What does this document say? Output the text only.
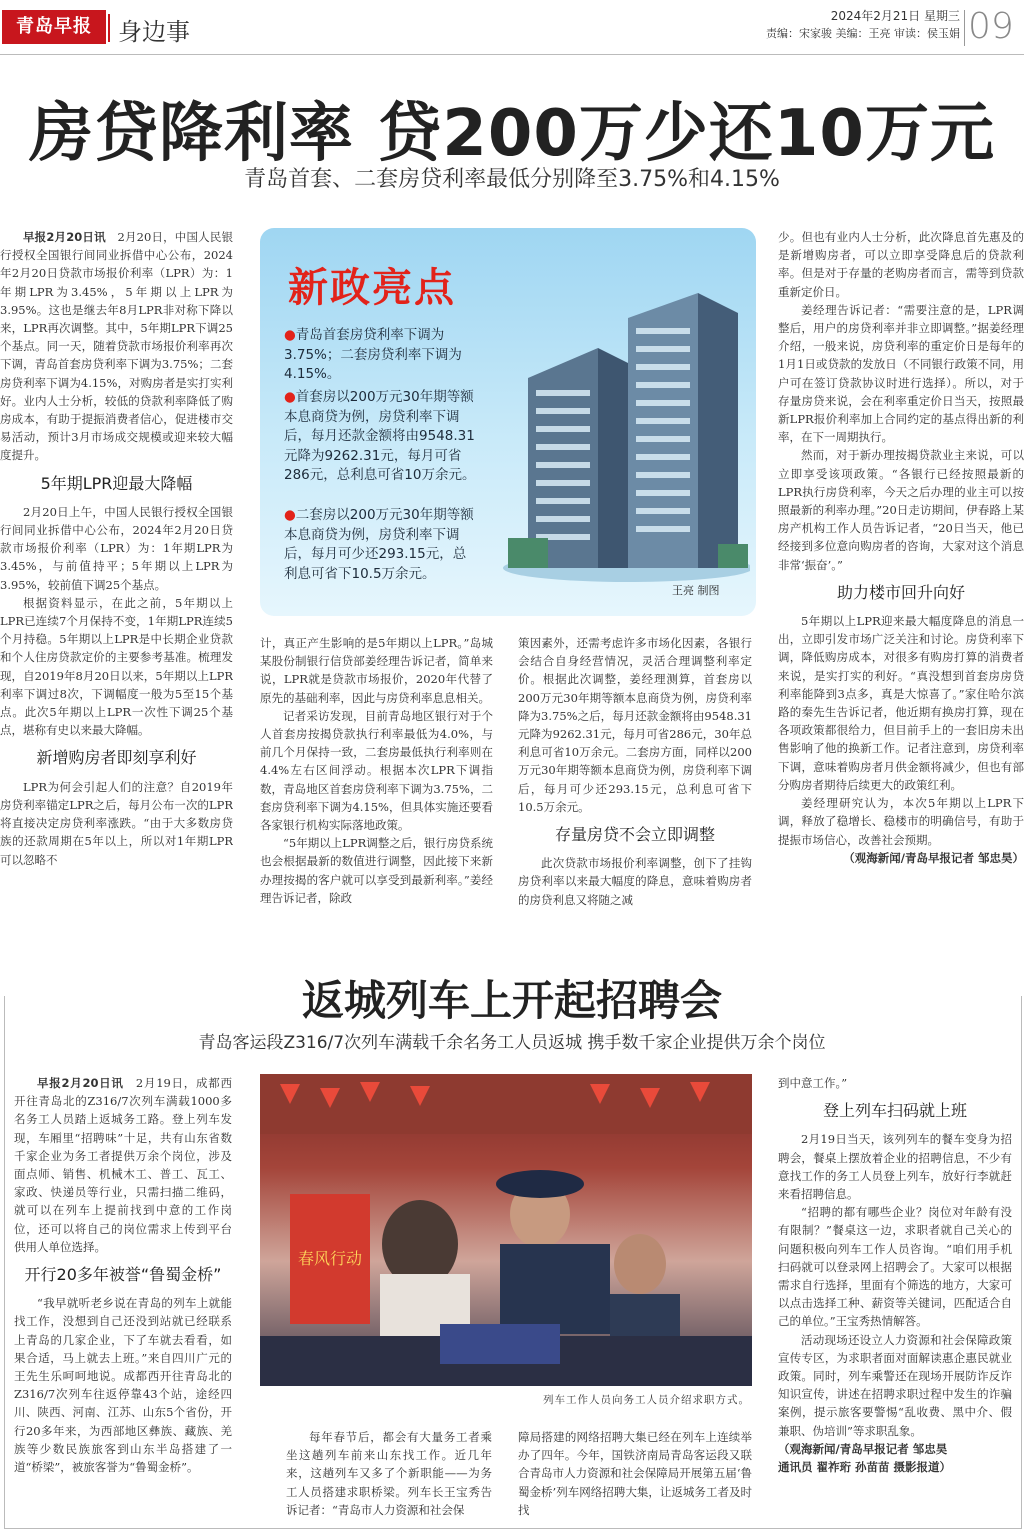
青岛早报	身边事
2024年2月21日 星期三
责编：宋家骏 美编：王亮 审读：侯玉娟 09
房贷降利率 贷200万少还10万元
青岛首套、二套房贷利率最低分别降至3.75%和4.15%

早报2月20日讯　 2月20日，中国人民银行授权全国银行间同业拆借中心公布，2024年2月20日贷款市场报价利率（LPR）为：1年期LPR为3.45%，5年期以上LPR为3.95%。这也是继去年8月LPR非对称下降以来，LPR再次调整。其中，5年期LPR下调25个基点。同一天，随着贷款市场报价利率再次下调，青岛首套房贷利率下调为3.75%；二套房贷利率下调为4.15%，对购房者是实打实利好。业内人士分析，较低的贷款利率降低了购房成本，有助于提振消费者信心，促进楼市交易活动，预计3月市场成交规模或迎来较大幅度提升。

5年期LPR迎最大降幅

2月20日上午，中国人民银行授权全国银行间同业拆借中心公布，2024年2月20日贷款市场报价利率（LPR）为：1年期LPR为3.45%，与前值持平；5年期以上LPR为3.95%，较前值下调25个基点。

根据资料显示，在此之前，5年期以上LPR已连续7个月保持不变，1年期LPR连续5个月持稳。5年期以上LPR是中长期企业贷款和个人住房贷款定价的主要参考基准。梳理发现，自2019年8月20日以来，5年期以上LPR利率下调过8次，下调幅度一般为5至15个基点。此次5年期以上LPR一次性下调25个基点，堪称有史以来最大降幅。

新增购房者即刻享利好

LPR为何会引起人们的注意？自2019年房贷利率锚定LPR之后，每月公布一次的LPR将直接决定房贷利率涨跌。“由于大多数房贷族的还款周期在5年以上，所以对1年期LPR可以忽略不

新政亮点
●青岛首套房贷利率下调为3.75%；二套房贷利率下调为4.15%。
●首套房以200万元30年期等额本息商贷为例，房贷利率下调后，每月还款金额将由9548.31元降为9262.31元，每月可省286元，总利息可省10万余元。
●二套房以200万元30年期等额本息商贷为例，房贷利率下调后，每月可少还293.15元，总利息可省下10.5万余元。
王亮 制图

计，真正产生影响的是5年期以上LPR。”岛城某股份制银行信贷部姜经理告诉记者，简单来说，LPR就是贷款市场报价，2020年代替了原先的基础利率，因此与房贷利率息息相关。

记者采访发现，目前青岛地区银行对于个人首套房按揭贷款执行利率最低为4.0%，与前几个月保持一致，二套房最低执行利率则在4.4%左右区间浮动。根据本次LPR下调指数，青岛地区首套房贷利率下调为3.75%，二套房贷利率下调为4.15%，但具体实施还要看各家银行机构实际落地政策。

“5年期以上LPR调整之后，银行房贷系统也会根据最新的数值进行调整，因此接下来新办理按揭的客户就可以享受到最新利率。”姜经理告诉记者，除政

策因素外，还需考虑许多市场化因素，各银行会结合自身经营情况，灵活合理调整利率定价。根据此次调整，姜经理测算，首套房以200万元30年期等额本息商贷为例，房贷利率降为3.75%之后，每月还款金额将由9548.31元降为9262.31元，每月可省286元，30年总利息可省10万余元。二套房方面，同样以200万元30年期等额本息商贷为例，房贷利率下调后，每月可少还293.15元，总利息可省下10.5万余元。

存量房贷不会立即调整

此次贷款市场报价利率调整，创下了挂钩房贷利率以来最大幅度的降息，意味着购房者的房贷利息又将随之减

少。但也有业内人士分析，此次降息首先惠及的是新增购房者，可以立即享受降息后的贷款利率。但是对于存量的老购房者而言，需等到贷款重新定价日。

姜经理告诉记者：“需要注意的是，LPR调整后，用户的房贷利率并非立即调整。”据姜经理介绍，一般来说，房贷利率的重定价日是每年的1月1日或贷款的发放日（不同银行政策不同，用户可在签订贷款协议时进行选择）。所以，对于存量房贷来说，会在利率重定价日当天，按照最新LPR报价利率加上合同约定的基点得出新的利率，在下一周期执行。

然而，对于新办理按揭贷款业主来说，可以立即享受该项政策。“各银行已经按照最新的LPR执行房贷利率，今天之后办理的业主可以按照最新的利率办理。”20日走访期间，伊春路上某房产机构工作人员告诉记者，“20日当天，他已经接到多位意向购房者的咨询，大家对这个消息非常‘振奋’。”

助力楼市回升向好

5年期以上LPR迎来最大幅度降息的消息一出，立即引发市场广泛关注和讨论。房贷利率下调，降低购房成本，对很多有购房打算的消费者来说，是实打实的利好。“真没想到首套房房贷利率能降到3点多，真是大惊喜了。”家住哈尔滨路的秦先生告诉记者，他近期有换房打算，现在各项政策都很给力，但目前手上的一套旧房未出售影响了他的换新工作。记者注意到，房贷利率下调，意味着购房者月供金额将减少，但也有部分购房者期待后续更大的政策红利。

姜经理研究认为，本次5年期以上LPR下调，释放了稳增长、稳楼市的明确信号，有助于提振市场信心，改善社会预期。

（观海新闻/青岛早报记者 邹忠昊）

返城列车上开起招聘会
青岛客运段Z316/7次列车满载千余名务工人员返城 携手数千家企业提供万余个岗位

早报2月20日讯　 2月19日，成都西开往青岛北的Z316/7次列车满载1000多名务工人员踏上返城务工路。登上列车发现，车厢里“招聘味”十足，共有山东省数千家企业为务工者提供万余个岗位，涉及面点师、销售、机械木工、普工、瓦工、家政、快递员等行业，只需扫描二维码，就可以在列车上提前找到中意的工作岗位，还可以将自己的岗位需求上传到平台供用人单位选择。

开行20多年被誉“鲁蜀金桥”

“我早就听老乡说在青岛的列车上就能找工作，没想到自己还没到站就已经联系上青岛的几家企业，下了车就去看看，如果合适，马上就去上班。”来自四川广元的王先生乐呵呵地说。成都西开往青岛北的Z316/7次列车往返停靠43个站，途经四川、陕西、河南、江苏、山东5个省份，开行20多年来，为西部地区彝族、藏族、羌族等少数民族旅客到山东半岛搭建了一道“桥梁”，被旅客誉为“鲁蜀金桥”。

春风行动
列车工作人员向务工人员介绍求职方式。

每年春节后，都会有大量务工者乘坐这趟列车前来山东找工作。近几年来，这趟列车又多了个新职能——为务工人员搭建求职桥梁。列车长王宝秀告诉记者：“青岛市人力资源和社会保

障局搭建的网络招聘大集已经在列车上连续举办了四年。今年，国铁济南局青岛客运段又联合青岛市人力资源和社会保障局开展第五届‘鲁蜀金桥’列车网络招聘大集，让返城务工者及时找

到中意工作。”

登上列车扫码就上班

2月19日当天，该列列车的餐车变身为招聘会，餐桌上摆放着企业的招聘信息，不少有意找工作的务工人员登上列车，放好行李就赶来看招聘信息。

“招聘的都有哪些企业？岗位对年龄有没有限制？”餐桌这一边，求职者就自己关心的问题积极向列车工作人员咨询。“咱们用手机扫码就可以登录网上招聘会了。大家可以根据需求自行选择，里面有个筛选的地方，大家可以点击选择工种、薪资等关键词，匹配适合自己的单位。”王宝秀热情解答。

活动现场还设立人力资源和社会保障政策宣传专区，为求职者面对面解读惠企惠民就业政策。同时，列车乘警还在现场开展防诈反诈知识宣传，讲述在招聘求职过程中发生的诈骗案例，提示旅客要警惕“乱收费、黑中介、假兼职、伪培训”等求职乱象。

（观海新闻/青岛早报记者 邹忠昊
通讯员 翟祚珩 孙苗苗 摄影报道）
